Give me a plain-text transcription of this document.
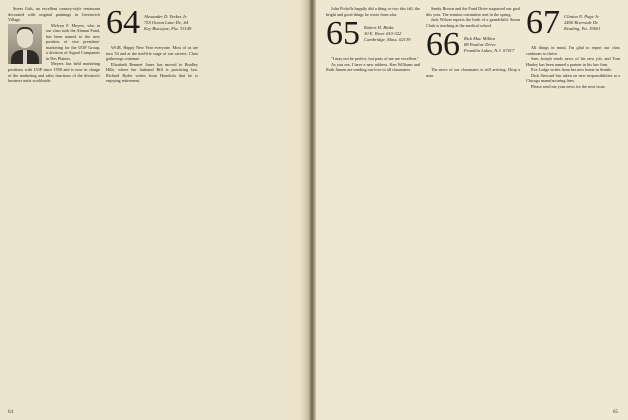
Street Gals, an excellent country-style restaurant decorated with original paintings in Greenwich Village.

Melvyn F. Meyers, who in our class took the Alumni Fund, has been named to the new position of vice president-marketing for the UOP Group, a division of Signal Companies in Des Plaines.

Meyers has held marketing positions with UOP since 1958 and is now in charge of the marketing and sales functions of the division's business units worldwide.

64 Alexander D. Yerkes Jr.
755 Ocean Lane Dr., #4
Key Biscayne, Fla. 33149

WGR, Happy New Year everyone. Most of us are now 54 and at the mid-life stage of our careers. Class gatherings continue.

Elizabeth Rennert Jones has moved to Bradley Hills, where her husband Bill is practicing law. Richard Ryder writes from Honolulu that he is enjoying retirement.

64

John Pickells happily did a thing or two this fall, the bright and good things he wrote from afar.

65 Robert H. Blake
30 E. River #10-322
Cambridge, Mass. 02139

"I may not be perfect, but parts of me are excellent."

As you see, I have a new address. Ken Williams and Ruth Jansen are sending our love to all classmates.

Sandy Brown and the Fund Drive surpassed our goal this year. The reunion committee met in the spring.

Jack Wilson reports the birth of a grandchild. Susan Clark is teaching at the medical school.

66 Rick Mac Millan
88 Pauline Drive
Franklin Lakes, N.J. 07417

The news of our classmates is still arriving. Drop a note.

67 Clinton N. Page Jr.
2400 Riverside Dr.
Reading, Pa. 19601

All things in mind, I'm glad to report our class continues to thrive.

Sam Joseph sends news of his new job, and Tom Hanley has been named a partner in his law firm.

Eve Lodge writes from her new home in Seattle.

Dick Steward has taken on new responsibilities at a Chicago manufacturing firm.

Please send me your news for the next issue.

65
